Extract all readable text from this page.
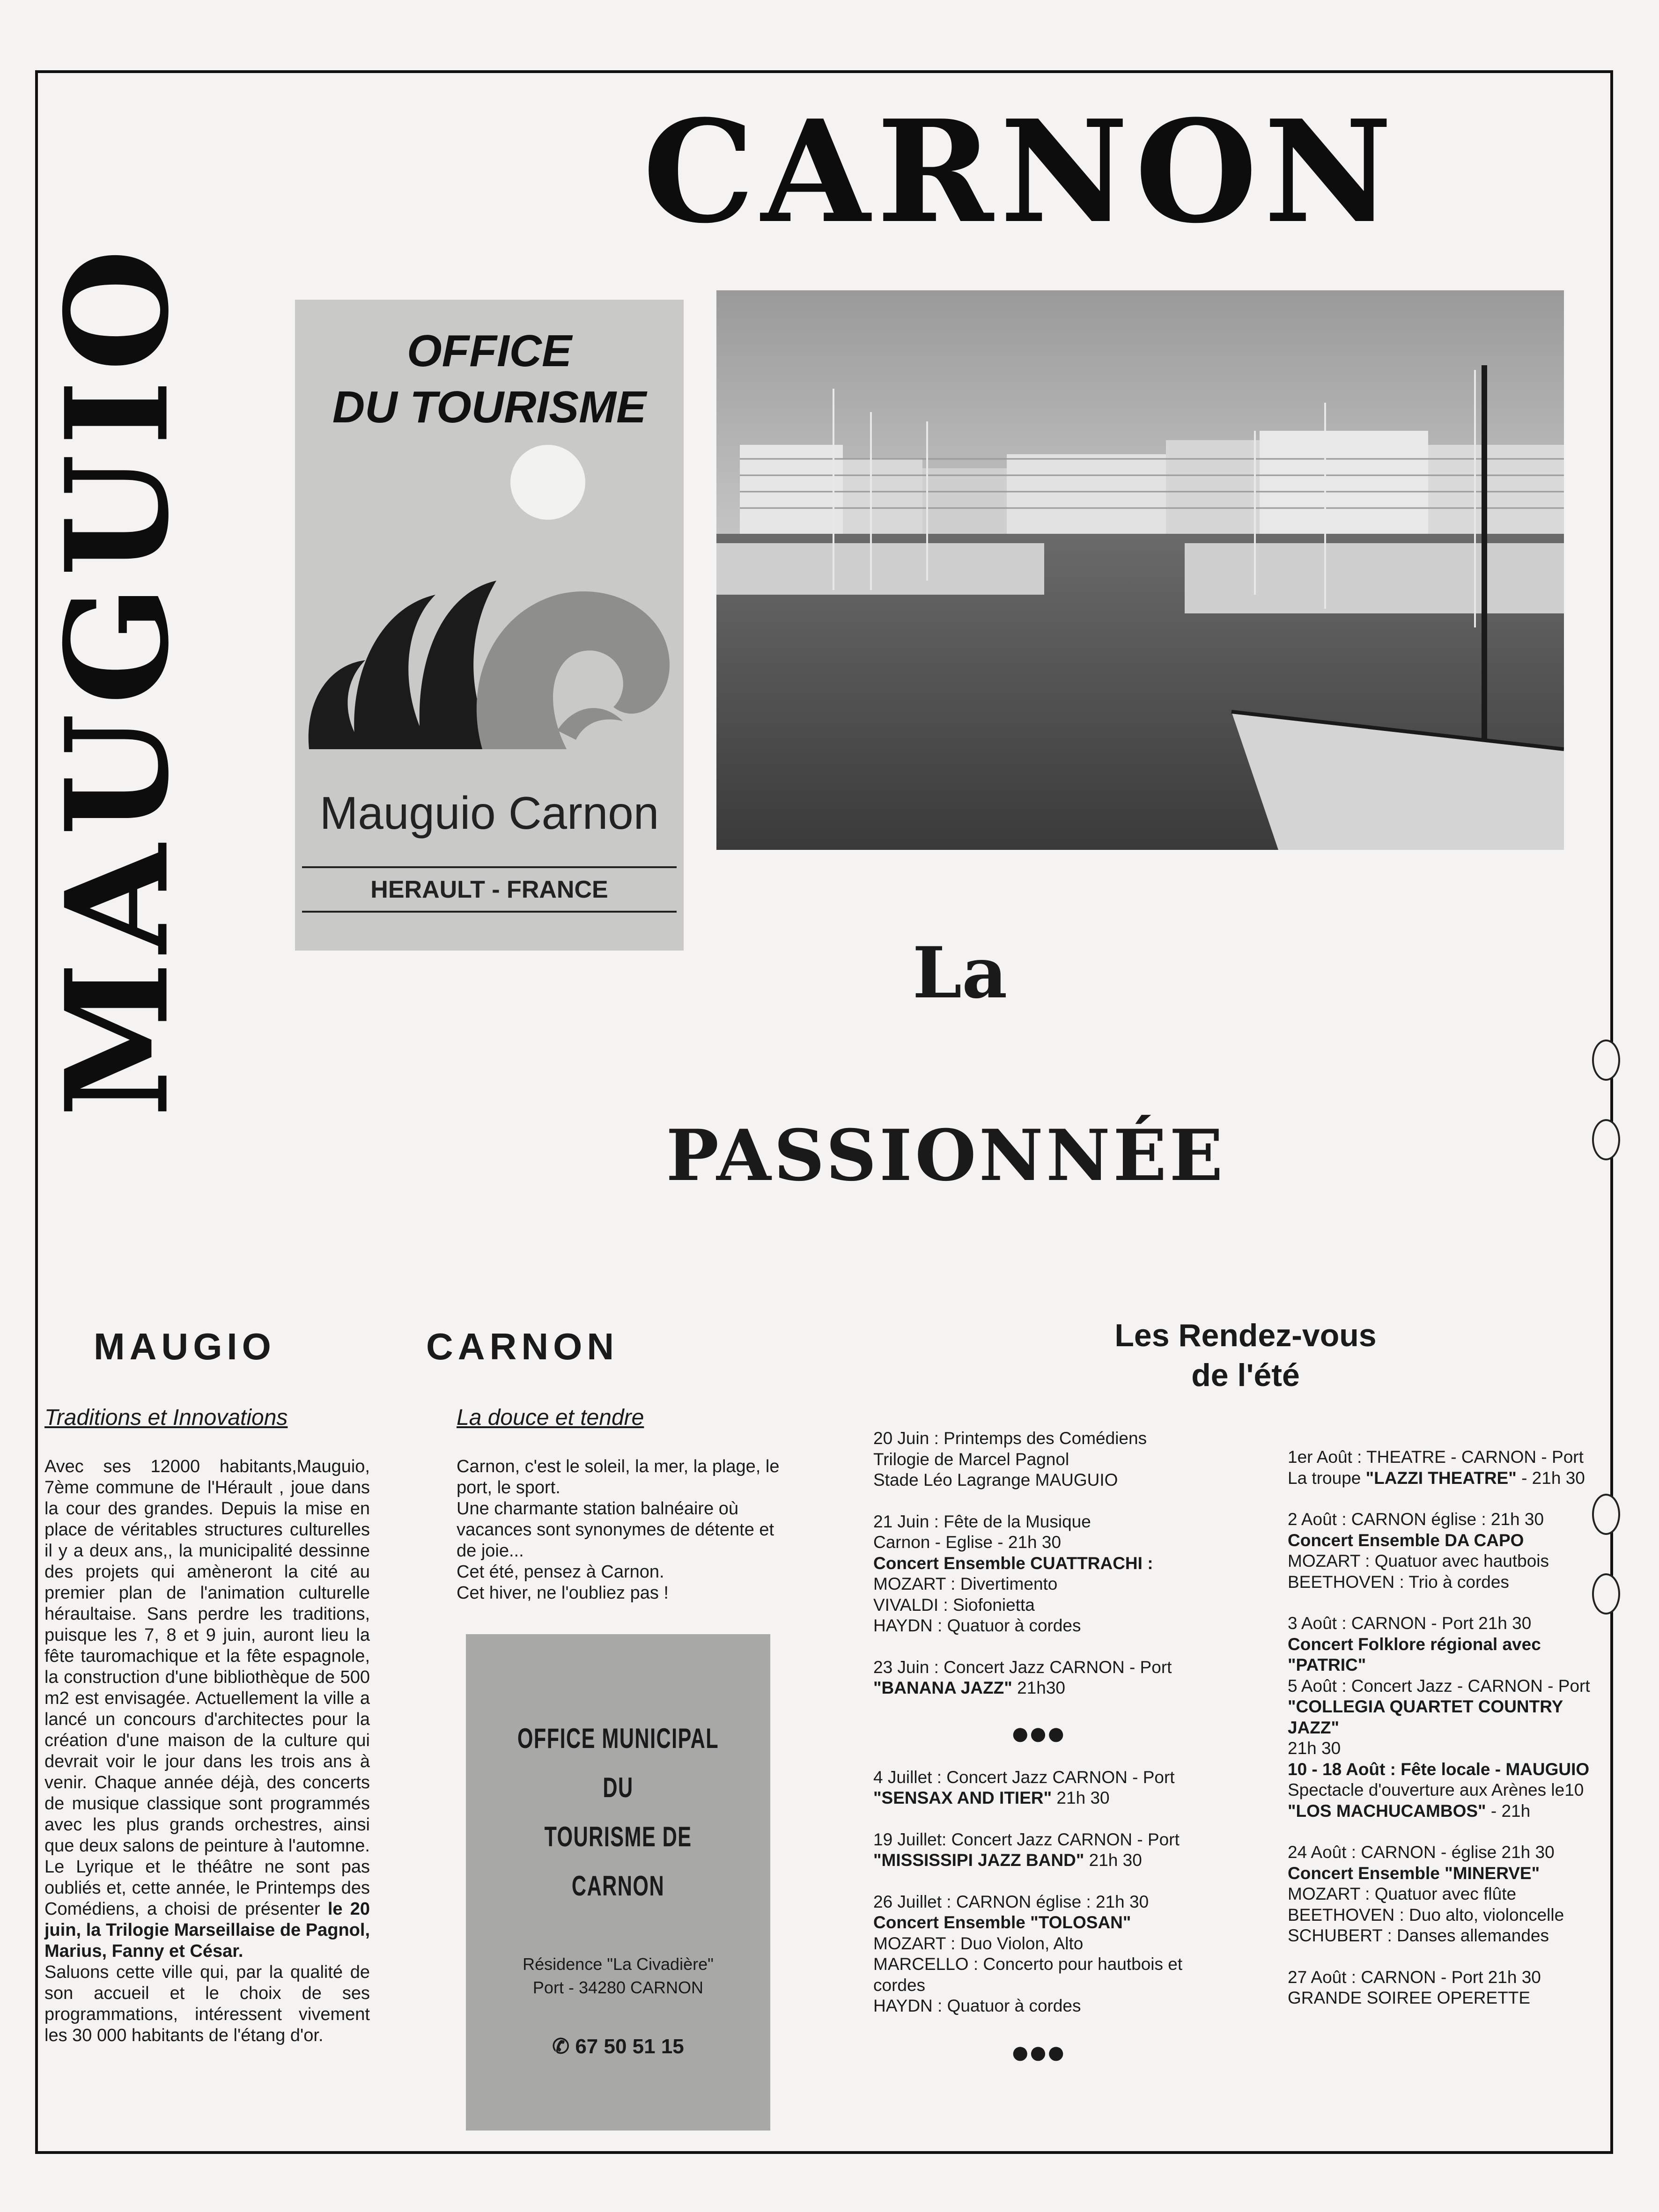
MAUGUIO
CARNON
OFFICE
DU TOURISME
Mauguio Carnon
HERAULT - FRANCE
La
PASSIONNÉE
MAUGIO	CARNON	Les Rendez-vous
de l'été
Traditions et Innovations
Avec ses 12000 habitants,Mauguio, 7ème commune de l'Hérault , joue dans la cour des grandes. Depuis la mise en place de véritables structures culturelles il y a deux ans,, la municipalité dessinne des projets qui amèneront la cité au premier plan de l'animation culturelle héraultaise. Sans perdre les traditions, puisque les 7, 8 et 9 juin, auront lieu la fête tauromachique et la fête espagnole, la construction d'une bibliothèque de 500 m2 est envisagée. Actuellement la ville a lancé un concours d'architectes pour la création d'une maison de la culture qui devrait voir le jour dans les trois ans à venir. Chaque année déjà, des concerts de musique classique sont programmés avec les plus grands orchestres, ainsi que deux salons de peinture à l'automne. Le Lyrique et le théâtre ne sont pas oubliés et, cette année, le Printemps des Comédiens, a choisi de présenter le 20 juin, la Trilogie Marseillaise de Pagnol, Marius, Fanny et César.
Saluons cette ville qui, par la qualité de son accueil et le choix de ses programmations, intéressent vivement les 30 000 habitants de l'étang d'or.
La douce et tendre
Carnon, c'est le soleil, la mer, la plage, le port, le sport.
Une charmante station balnéaire où vacances sont synonymes de détente et de joie...
Cet été, pensez à Carnon.
Cet hiver, ne l'oubliez pas !
OFFICE MUNICIPAL
DU
TOURISME DE CARNON
Résidence "La Civadière"
Port - 34280 CARNON
✆ 67 50 51 15

20 Juin : Printemps des Comédiens

Trilogie de Marcel Pagnol

Stade Léo Lagrange MAUGUIO

21 Juin : Fête de la Musique

Carnon - Eglise - 21h 30

Concert Ensemble CUATTRACHI :

MOZART : Divertimento

VIVALDI : Siofonietta

HAYDN : Quatuor à cordes

23 Juin : Concert Jazz CARNON - Port

"BANANA JAZZ" 21h30

●●●

4 Juillet : Concert Jazz CARNON - Port

"SENSAX AND ITIER" 21h 30

19 Juillet: Concert Jazz CARNON - Port

"MISSISSIPI JAZZ BAND" 21h 30

26 Juillet : CARNON église : 21h 30

Concert Ensemble "TOLOSAN"

MOZART : Duo Violon, Alto

MARCELLO : Concerto pour hautbois et cordes

HAYDN : Quatuor à cordes

●●●

1er Août : THEATRE - CARNON - Port

La troupe "LAZZI THEATRE" - 21h 30

2 Août : CARNON église : 21h 30

Concert Ensemble DA CAPO

MOZART : Quatuor avec hautbois

BEETHOVEN : Trio à cordes

3 Août : CARNON - Port 21h 30

Concert Folklore régional avec "PATRIC"

5 Août : Concert Jazz - CARNON - Port

"COLLEGIA QUARTET COUNTRY JAZZ"

21h 30

10 - 18 Août : Fête locale - MAUGUIO

Spectacle d'ouverture aux Arènes le10

"LOS MACHUCAMBOS" - 21h

24 Août : CARNON - église 21h 30

Concert Ensemble "MINERVE"

MOZART : Quatuor avec flûte

BEETHOVEN : Duo alto, violoncelle

SCHUBERT : Danses allemandes

27 Août : CARNON - Port 21h 30

GRANDE SOIREE OPERETTE
